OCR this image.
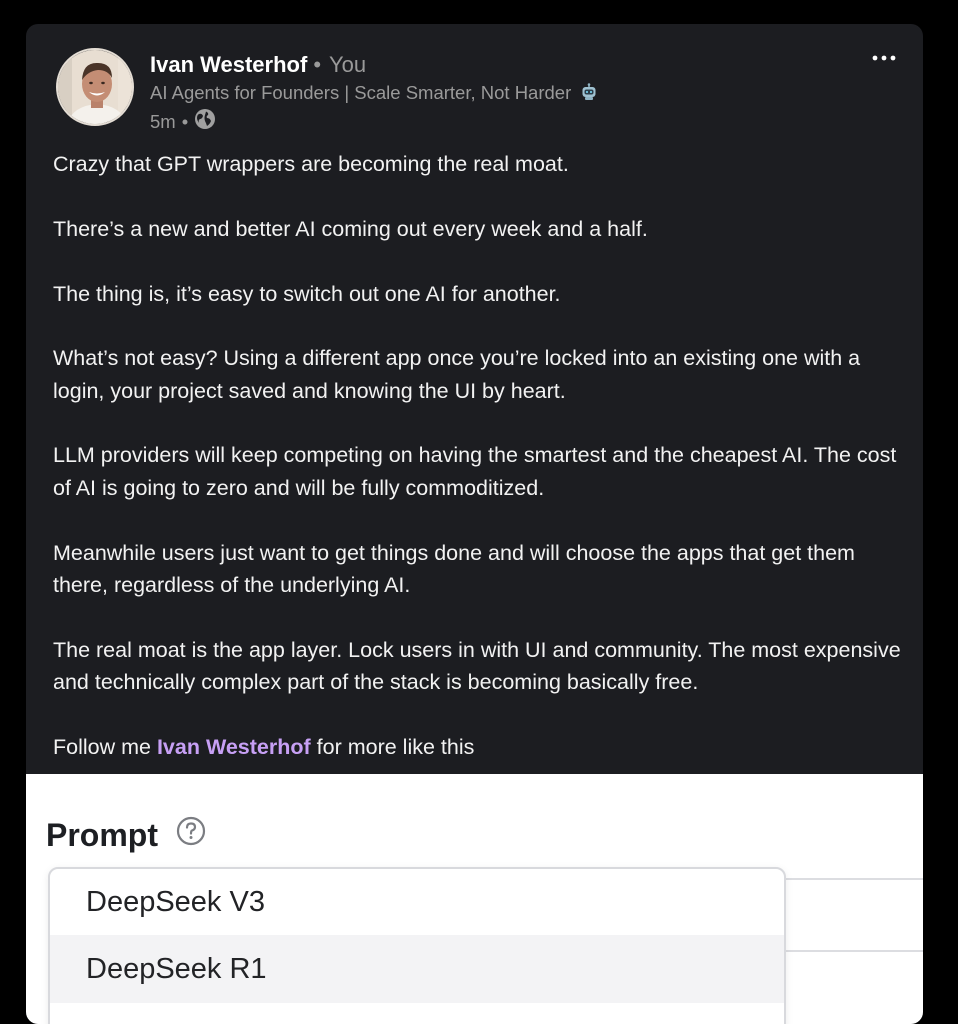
Ivan Westerhof • You
AI Agents for Founders | Scale Smarter, Not Harder
5m •

Crazy that GPT wrappers are becoming the real moat.

There’s a new and better AI coming out every week and a half.

The thing is, it’s easy to switch out one AI for another.

What’s not easy? Using a different app once you’re locked into an existing one with a login, your project saved and knowing the UI by heart.

LLM providers will keep competing on having the smartest and the cheapest AI. The cost of AI is going to zero and will be fully commoditized.

Meanwhile users just want to get things done and will choose the apps that get them there, regardless of the underlying AI.

The real moat is the app layer. Lock users in with UI and community. The most expensive and technically complex part of the stack is becoming basically free.

Follow me Ivan Westerhof for more like this

Prompt
DeepSeek V3
DeepSeek R1
